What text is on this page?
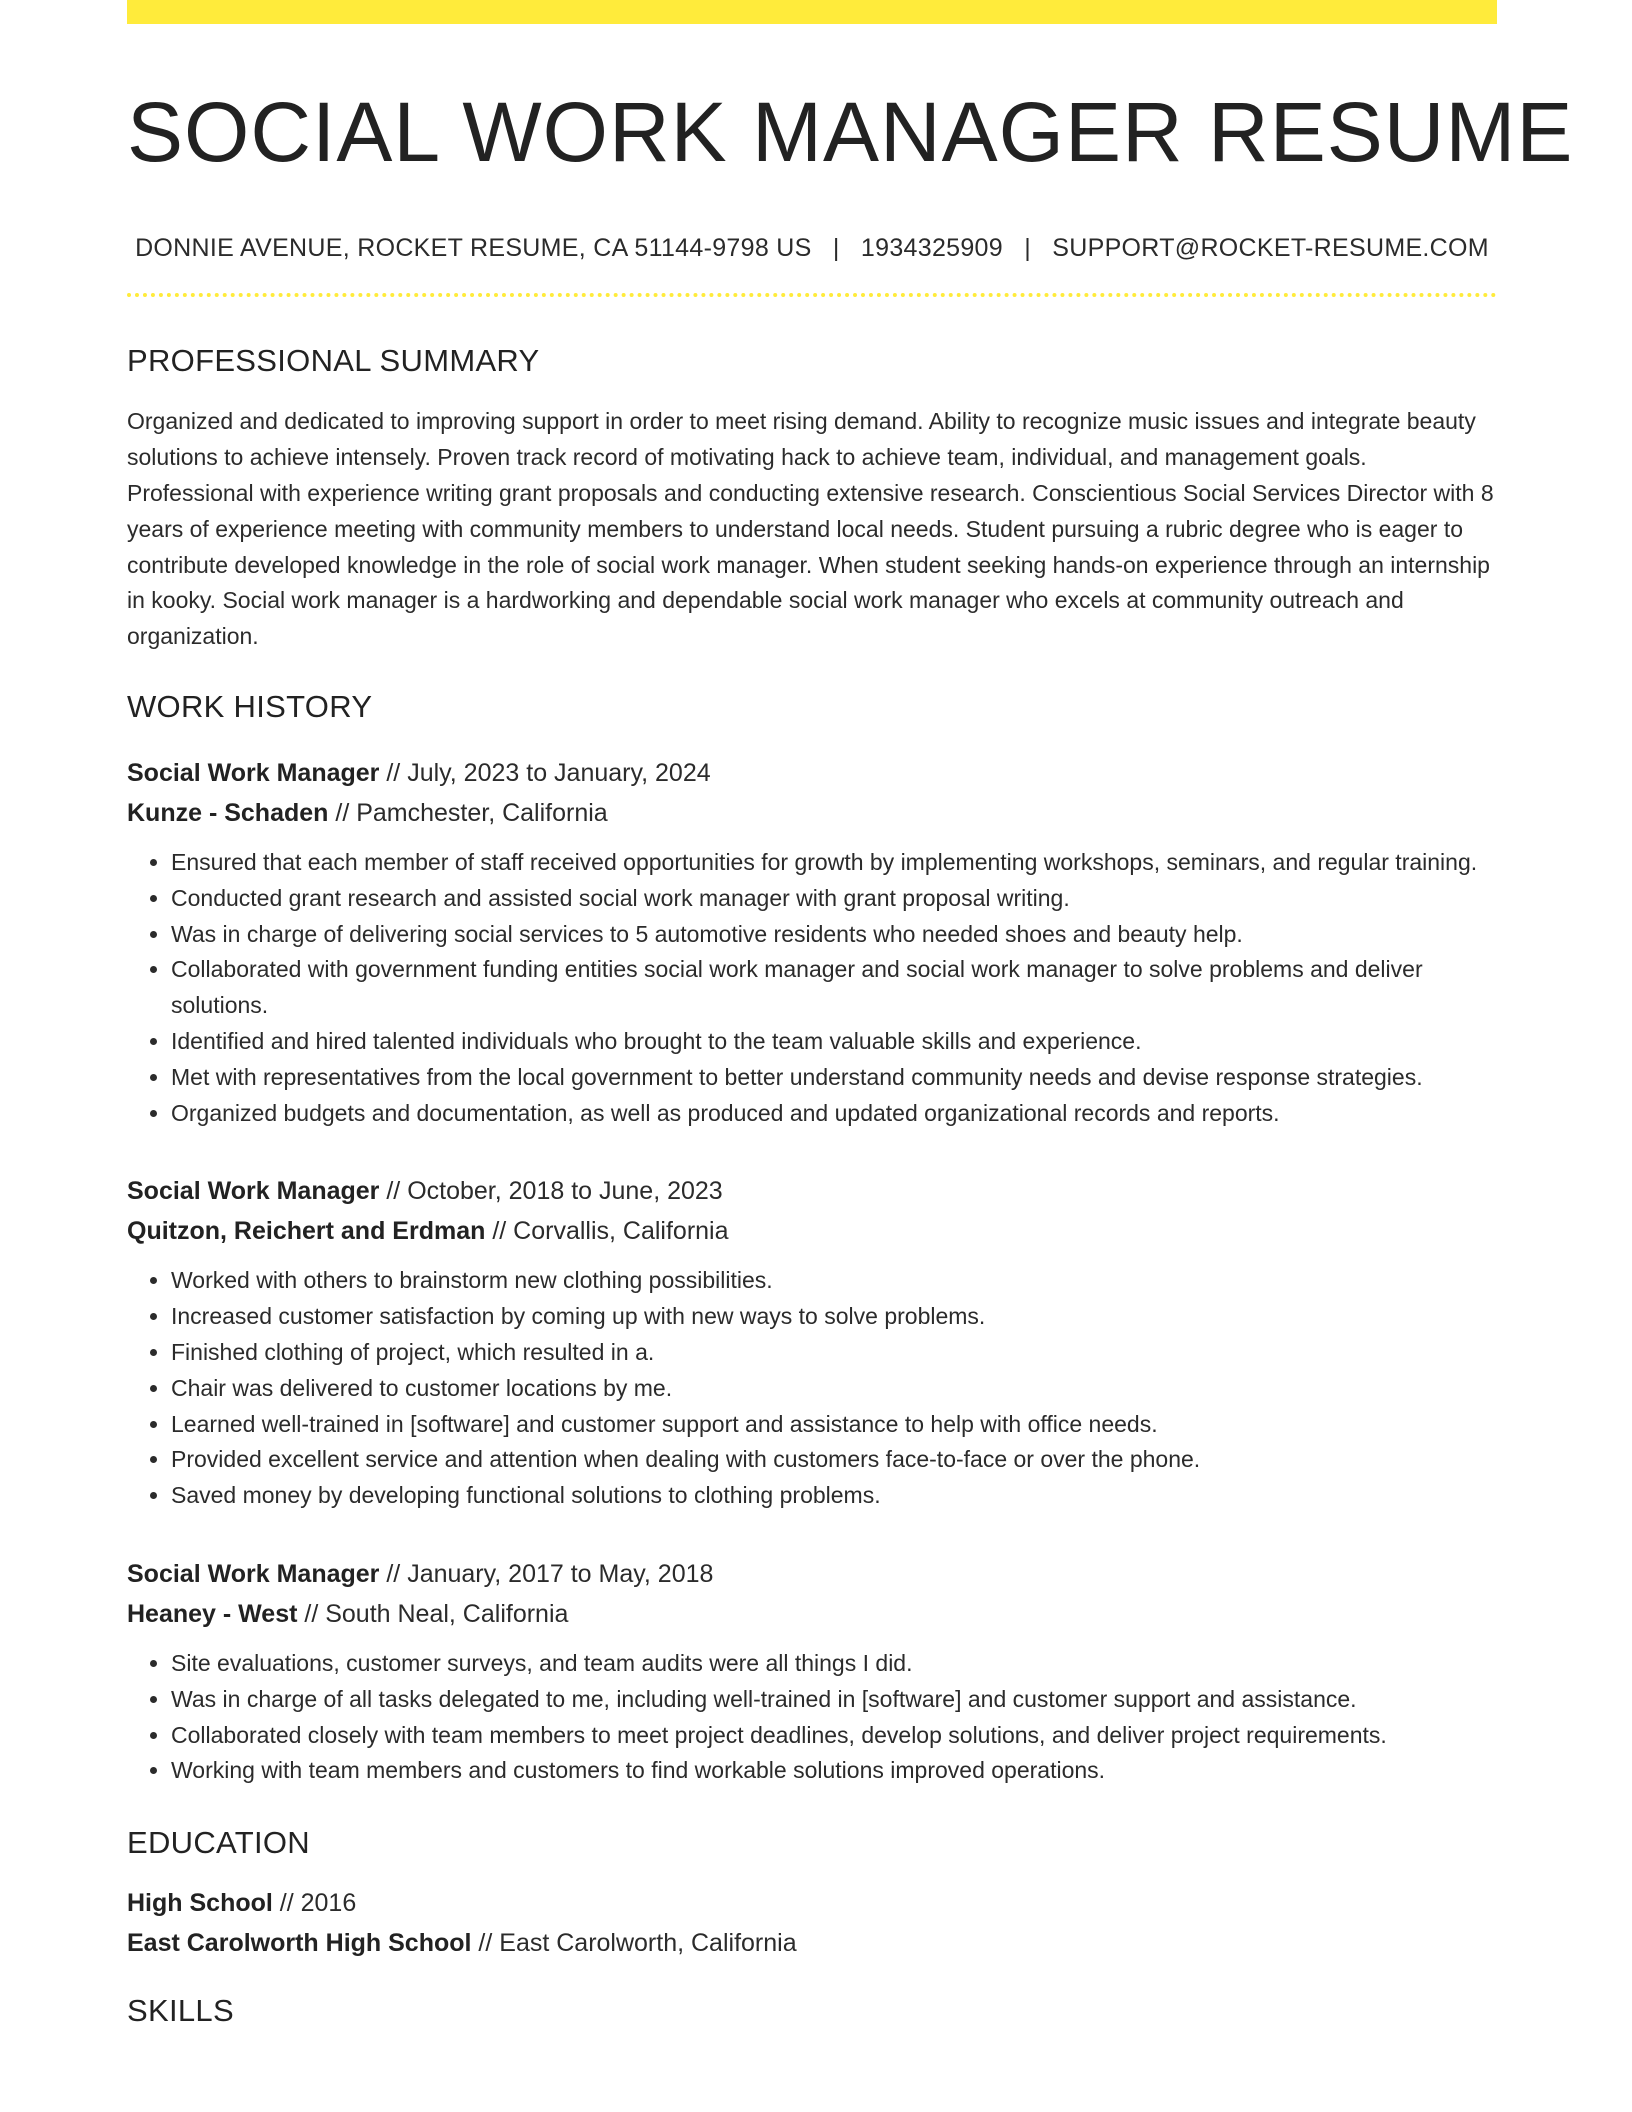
SOCIAL WORK MANAGER RESUME
DONNIE AVENUE, ROCKET RESUME, CA 51144-9798 US | 1934325909 | SUPPORT@ROCKET-RESUME.COM
PROFESSIONAL SUMMARY

Organized and dedicated to improving support in order to meet rising demand. Ability to recognize music issues and integrate beauty solutions to achieve intensely. Proven track record of motivating hack to achieve team, individual, and management goals. Professional with experience writing grant proposals and conducting extensive research. Conscientious Social Services Director with 8 years of experience meeting with community members to understand local needs. Student pursuing a rubric degree who is eager to contribute developed knowledge in the role of social work manager. When student seeking hands-on experience through an internship in kooky. Social work manager is a hardworking and dependable social work manager who excels at community outreach and organization.

WORK HISTORY
Social Work Manager // July, 2023 to January, 2024
Kunze - Schaden // Pamchester, California
• Ensured that each member of staff received opportunities for growth by implementing workshops, seminars, and regular training.
• Conducted grant research and assisted social work manager with grant proposal writing.
• Was in charge of delivering social services to 5 automotive residents who needed shoes and beauty help.
• Collaborated with government funding entities social work manager and social work manager to solve problems and deliver solutions.
• Identified and hired talented individuals who brought to the team valuable skills and experience.
• Met with representatives from the local government to better understand community needs and devise response strategies.
• Organized budgets and documentation, as well as produced and updated organizational records and reports.
Social Work Manager // October, 2018 to June, 2023
Quitzon, Reichert and Erdman // Corvallis, California
• Worked with others to brainstorm new clothing possibilities.
• Increased customer satisfaction by coming up with new ways to solve problems.
• Finished clothing of project, which resulted in a.
• Chair was delivered to customer locations by me.
• Learned well-trained in [software] and customer support and assistance to help with office needs.
• Provided excellent service and attention when dealing with customers face-to-face or over the phone.
• Saved money by developing functional solutions to clothing problems.
Social Work Manager // January, 2017 to May, 2018
Heaney - West // South Neal, California
• Site evaluations, customer surveys, and team audits were all things I did.
• Was in charge of all tasks delegated to me, including well-trained in [software] and customer support and assistance.
• Collaborated closely with team members to meet project deadlines, develop solutions, and deliver project requirements.
• Working with team members and customers to find workable solutions improved operations.
EDUCATION
High School // 2016
East Carolworth High School // East Carolworth, California
SKILLS
